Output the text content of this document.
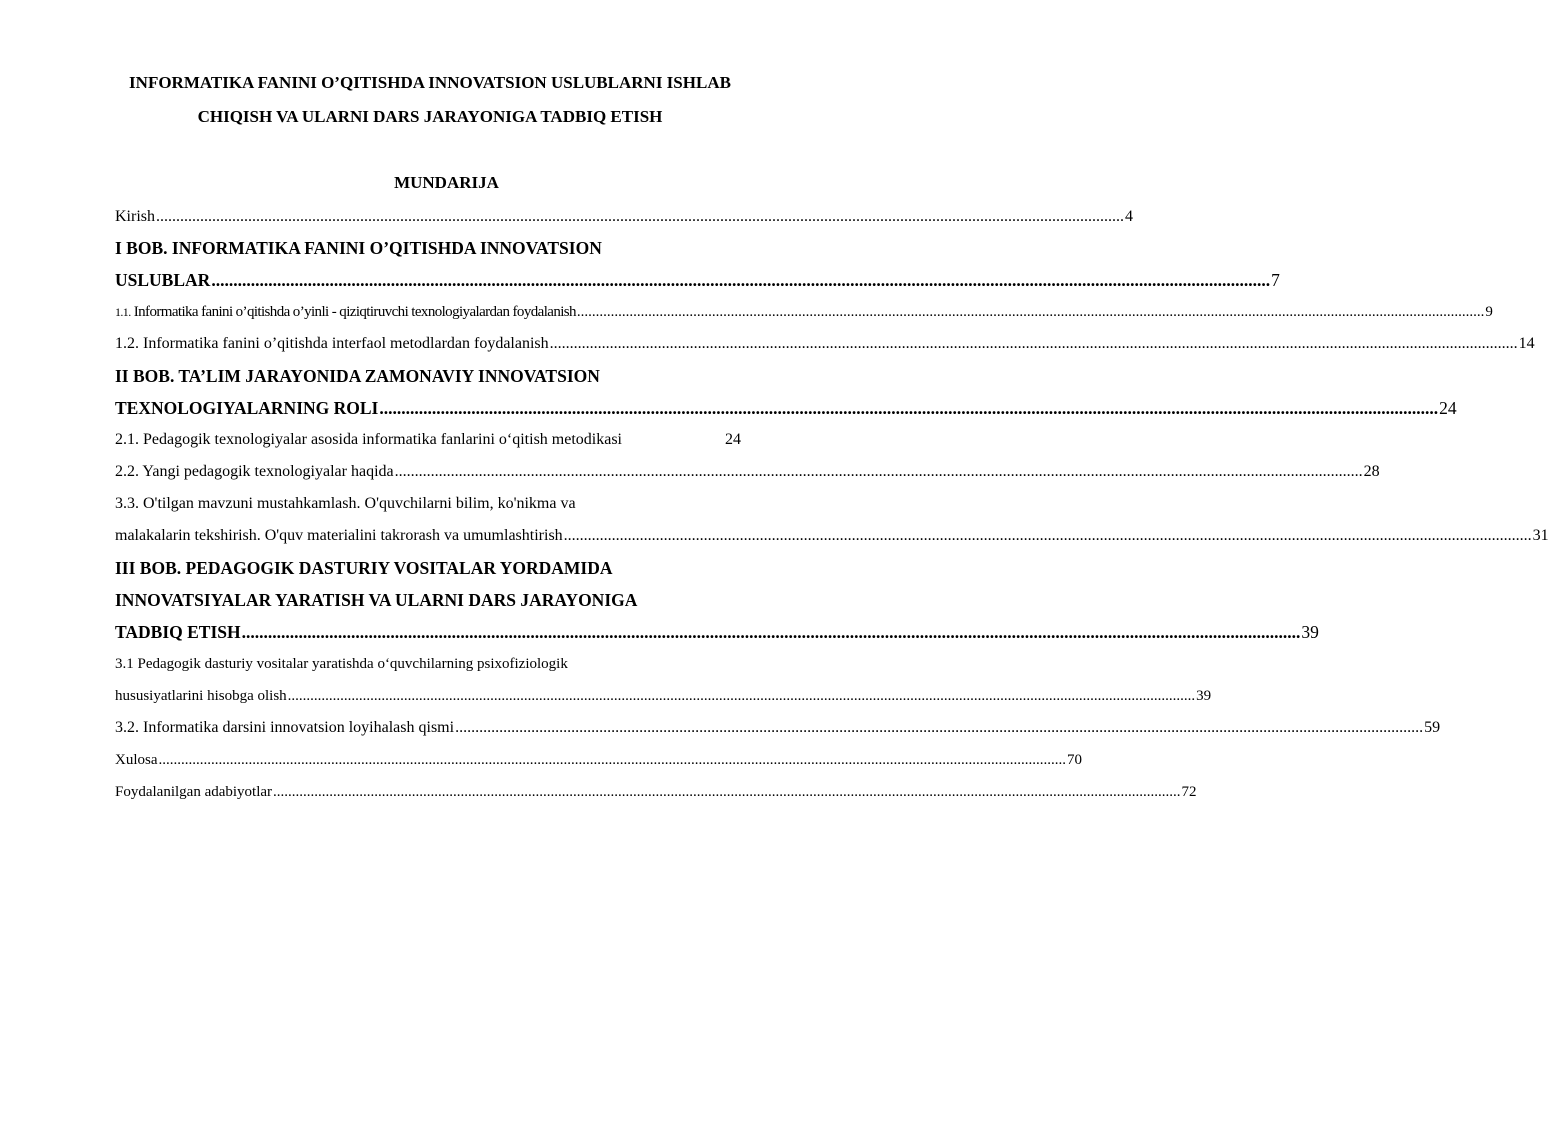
INFORMATIKA FANINI O’QITISHDA INNOVATSION USLUBLARNI ISHLAB
CHIQISH VA ULARNI DARS JARAYONIGA TADBIQ ETISH
MUNDARIJA
Kirish .....	4
I BOB. INFORMATIKA FANINI O’QITISHDA INNOVATSION
USLUBLAR .....	7
1.1. Informatika fanini o’qitishda o’yinli - qiziqtiruvchi texnologiyalardan foydalanish .....	9
1.2. Informatika fanini o’qitishda interfaol metodlardan foydalanish .....	14
II BOB. TA’LIM JARAYONIDA ZAMONAVIY INNOVATSION
TEXNOLOGIYALARNING ROLI .....	24
2.1. Pedagogik texnologiyalar asosida informatika fanlarini o‘qitish metodikasi	24
2.2. Yangi pedagogik texnologiyalar haqida .....	28
3.3. O'tilgan mavzuni mustahkamlash. O'quvchilarni bilim, ko'nikma va
malakalarin tekshirish. O'quv materialini takrorash va umumlashtirish .....	31
III BOB. PEDAGOGIK DASTURIY VOSITALAR YORDAMIDA
INNOVATSIYALAR YARATISH VA ULARNI DARS JARAYONIGA
TADBIQ ETISH .....	39
3.1 Pedagogik dasturiy vositalar yaratishda o‘quvchilarning psixofiziologik
hususiyatlarini hisobga olish .....	39
3.2. Informatika darsini innovatsion loyihalash qismi .....	59
Xulosa .....	70
Foydalanilgan adabiyotlar .....	72
